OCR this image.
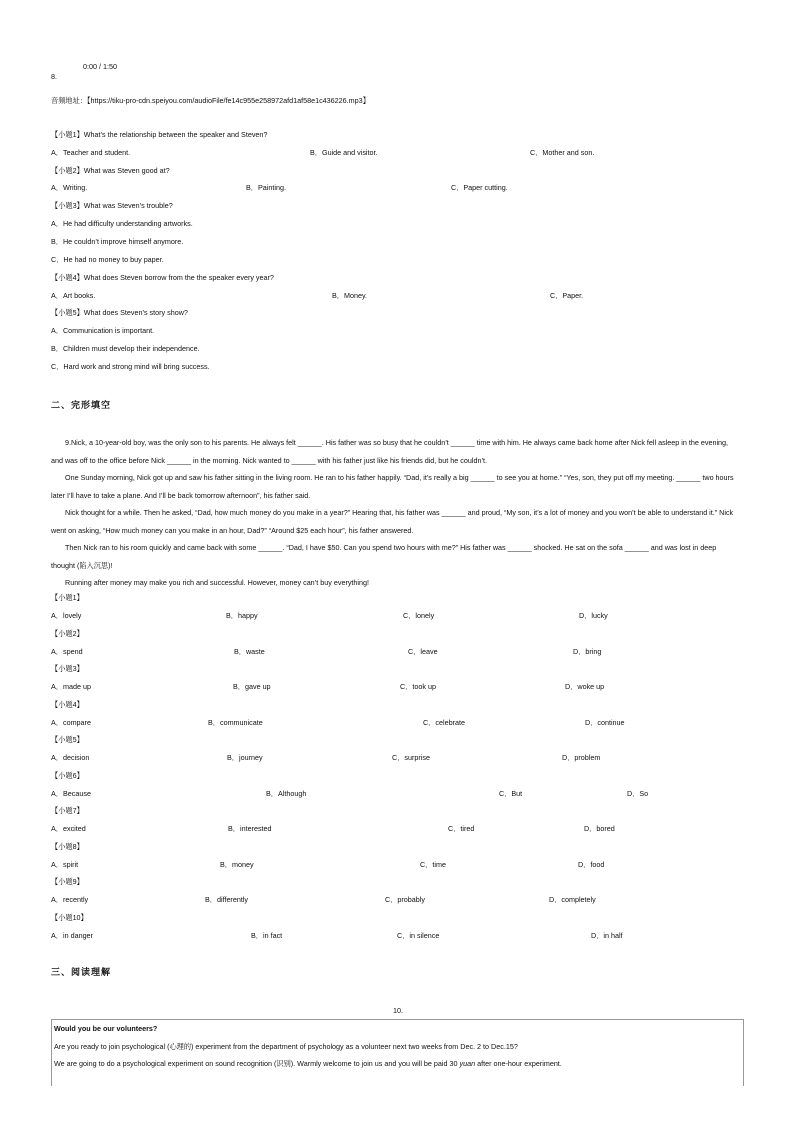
0:00 / 1:50
8.
音频地址：【https://tiku-pro-cdn.speiyou.com/audioFile/fe14c955e258972afd1af58e1c436226.mp3】
【小题1】What’s the relationship between the speaker and Steven?
A．Teacher and student.	B．Guide and visitor.	C．Mother and son.
【小题2】What was Steven good at?
A．Writing.	B．Painting.	C．Paper cutting.
【小题3】What was Steven’s trouble?
A．He had difficulty understanding artworks.
B．He couldn’t improve himself anymore.
C．He had no money to buy paper.
【小题4】What does Steven borrow from the the speaker every year?
A．Art books.	B．Money.	C．Paper.
【小题5】What does Steven’s story show?
A．Communication is important.
B．Children must develop their independence.
C．Hard work and strong mind will bring success.
二、完形填空

9.Nick, a 10-year-old boy, was the only son to his parents. He always felt ______. His father was so busy that he couldn’t ______ time with him. He always came back home after Nick fell asleep in the evening, and was off to the office before Nick ______ in the morning. Nick wanted to ______ with his father just like his friends did, but he couldn’t.

One Sunday morning, Nick got up and saw his father sitting in the living room. He ran to his father happily. “Dad, it’s really a big ______ to see you at home.” “Yes, son, they put off my meeting. ______ two hours later I’ll have to take a plane. And I’ll be back tomorrow afternoon”, his father said.

Nick thought for a while. Then he asked, “Dad, how much money do you make in a year?” Hearing that, his father was ______ and proud, “My son, it’s a lot of money and you won’t be able to understand it.” Nick went on asking, “How much money can you make in an hour, Dad?” “Around $25 each hour”, his father answered.

Then Nick ran to his room quickly and came back with some ______. “Dad, I have $50. Can you spend two hours with me?” His father was ______ shocked. He sat on the sofa ______ and was lost in deep thought (陷入沉思)!

Running after money may make you rich and successful. However, money can’t buy everything!

【小题1】
A．lovely	B．happy	C．lonely	D．lucky
【小题2】
A．spend	B．waste	C．leave	D．bring
【小题3】
A．made up	B．gave up	C．took up	D．woke up
【小题4】
A．compare	B．communicate	C．celebrate	D．continue
【小题5】
A．decision	B．journey	C．surprise	D．problem
【小题6】
A．Because	B．Although	C．But	D．So
【小题7】
A．excited	B．interested	C．tired	D．bored
【小题8】
A．spirit	B．money	C．time	D．food
【小题9】
A．recently	B．differently	C．probably	D．completely
【小题10】
A．in danger	B．in fact	C．in silence	D．in half
三、阅读理解
10.
Would you be our volunteers?
Are you ready to join psychological (心理的) experiment from the department of psychology as a volunteer next two weeks from Dec. 2 to Dec.15?
We are going to do a psychological experiment on sound recognition (识别). Warmly welcome to join us and you will be paid 30 yuan after one-hour experiment.
